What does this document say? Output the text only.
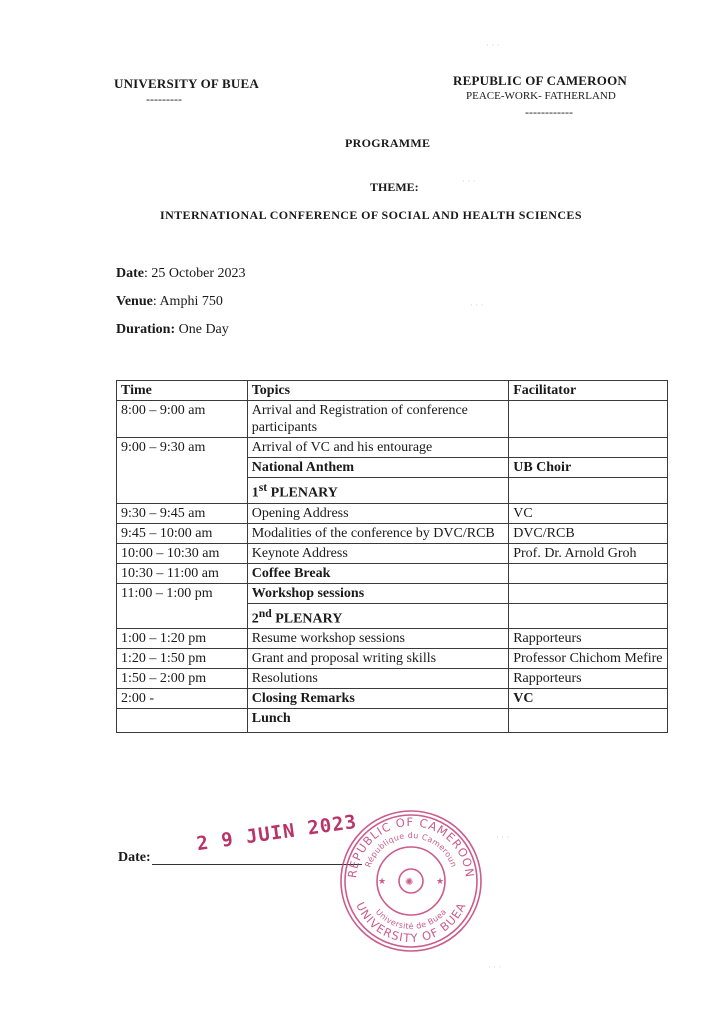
UNIVERSITY OF BUEA
---------
REPUBLIC OF CAMEROON
PEACE-WORK- FATHERLAND
------------
PROGRAMME
THEME:
INTERNATIONAL CONFERENCE OF SOCIAL AND HEALTH SCIENCES
Date: 25 October 2023
Venue: Amphi 750
Duration: One Day
Time	Topics	Facilitator
8:00 – 9:00 am	Arrival and Registration of conference participants	
9:00 – 9:30 am	Arrival of VC and his entourage	
	National Anthem	UB Choir
	1st PLENARY	
9:30 – 9:45 am	Opening Address	VC
9:45 – 10:00 am	Modalities of the conference by DVC/RCB	DVC/RCB
10:00 – 10:30 am	Keynote Address	Prof. Dr. Arnold Groh
10:30 – 11:00 am	Coffee Break	
11:00 – 1:00 pm	Workshop sessions	
	2nd PLENARY	
1:00 – 1:20 pm	Resume workshop sessions	Rapporteurs
1:20 – 1:50 pm	Grant and proposal writing skills	Professor Chichom Mefire
1:50 – 2:00 pm	Resolutions	Rapporteurs
2:00 -	Closing Remarks	VC
	Lunch	
Date:
2 9 JUIN 2023
REPUBLIC OF CAMEROON
République du Cameroun
UNIVERSITY OF BUEA
Université de Buea
★	★
✺
· · ·
· · ·
· · ·
· · ·
· · ·
